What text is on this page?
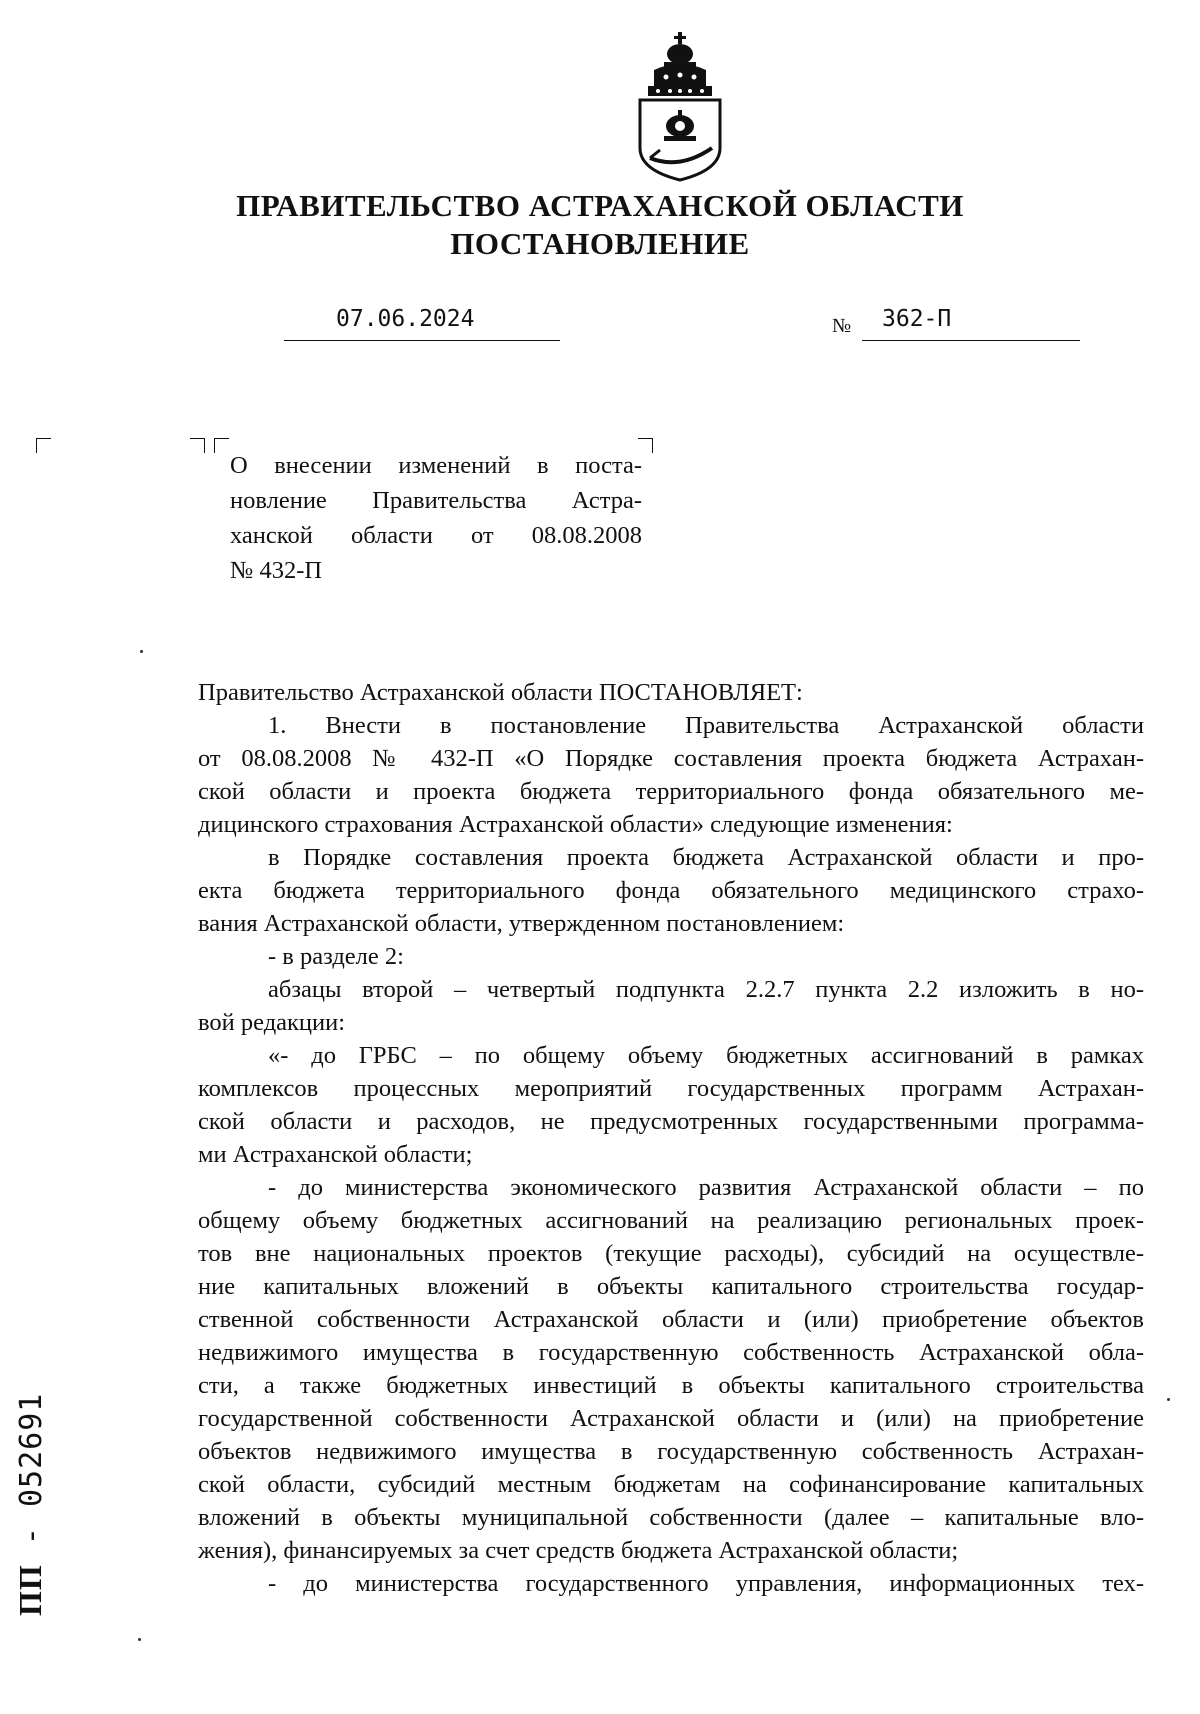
ПРАВИТЕЛЬСТВО АСТРАХАНСКОЙ ОБЛАСТИ
ПОСТАНОВЛЕНИЕ
07.06.2024	№ 362-П
О внесении изменений в поста-
новление Правительства Астра-
ханской области от 08.08.2008
№ 432-П
Правительство Астраханской области ПОСТАНОВЛЯЕТ:
1. Внести в постановление Правительства Астраханской области
от 08.08.2008 № 432-П «О Порядке составления проекта бюджета Астрахан-
ской области и проекта бюджета территориального фонда обязательного ме-
дицинского страхования Астраханской области» следующие изменения:
в Порядке составления проекта бюджета Астраханской области и про-
екта бюджета территориального фонда обязательного медицинского страхо-
вания Астраханской области, утвержденном постановлением:
- в разделе 2:
абзацы второй – четвертый подпункта 2.2.7 пункта 2.2 изложить в но-
вой редакции:
«- до ГРБС – по общему объему бюджетных ассигнований в рамках
комплексов процессных мероприятий государственных программ Астрахан-
ской области и расходов, не предусмотренных государственными программа-
ми Астраханской области;
- до министерства экономического развития Астраханской области – по
общему объему бюджетных ассигнований на реализацию региональных проек-
тов вне национальных проектов (текущие расходы), субсидий на осуществле-
ние капитальных вложений в объекты капитального строительства государ-
ственной собственности Астраханской области и (или) приобретение объектов
недвижимого имущества в государственную собственность Астраханской обла-
сти, а также бюджетных инвестиций в объекты капитального строительства
государственной собственности Астраханской области и (или) на приобретение
объектов недвижимого имущества в государственную собственность Астрахан-
ской области, субсидий местным бюджетам на софинансирование капитальных
вложений в объекты муниципальной собственности (далее – капитальные вло-
жения), финансируемых за счет средств бюджета Астраханской области;
- до министерства государственного управления, информационных тех-
ПП - 052691
